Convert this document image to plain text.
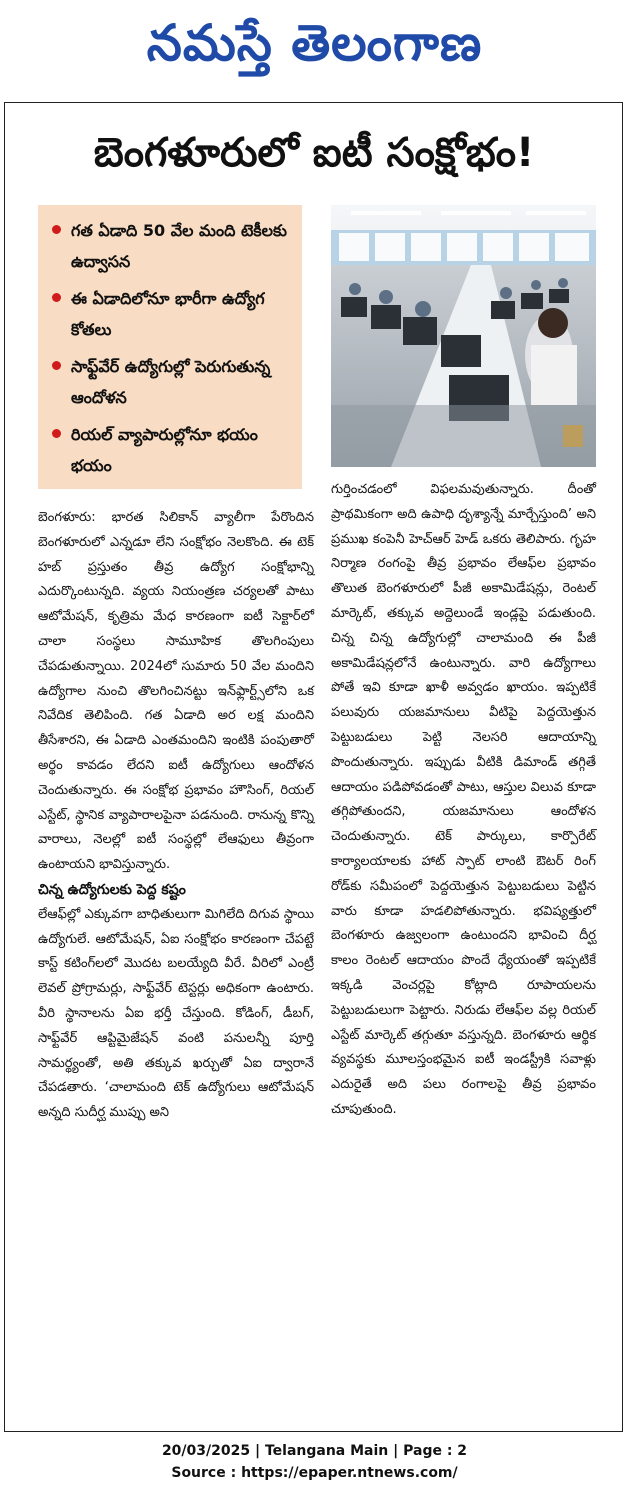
నమస్తే తెలంగాణ
బెంగళూరులో ఐటీ సంక్షోభం!
గత ఏడాది 50 వేల మంది టెకీలకు ఉద్వాసన
ఈ ఏడాదిలోనూ భారీగా ఉద్యోగ కోతలు
సాఫ్ట్‌వేర్ ఉద్యోగుల్లో పెరుగుతున్న ఆందోళన
రియల్ వ్యాపారుల్లోనూ భయం భయం

బెంగళూరు: భారత సిలికాన్ వ్యాలీగా పేరొందిన బెంగళూరులో ఎన్నడూ లేని సంక్షోభం నెలకొంది. ఈ టెక్ హబ్ ప్రస్తుతం తీవ్ర ఉద్యోగ సంక్షోభాన్ని ఎదుర్కొంటున్నది. వ్యయ నియంత్రణ చర్యలతో పాటు ఆటోమేషన్, కృత్రిమ మేధ కారణంగా ఐటీ సెక్టార్‌లో చాలా సంస్థలు సామూహిక తొలగింపులు చేపడుతున్నాయి. 2024లో సుమారు 50 వేల మందిని ఉద్యోగాల నుంచి తొలగించినట్టు ఇన్‌ఫ్లార్ట్స్‌లోని ఒక నివేదిక తెలిపింది. గత ఏడాది అర లక్ష మందిని తీసేశారని, ఈ ఏడాది ఎంతమందిని ఇంటికి పంపుతారో అర్థం కావడం లేదని ఐటీ ఉద్యోగులు ఆందోళన చెందుతున్నారు. ఈ సంక్షోభ ప్రభావం హౌసింగ్, రియల్ ఎస్టేట్, స్థానిక వ్యాపారాలపైనా పడనుంది. రానున్న కొన్ని వారాలు, నెలల్లో ఐటీ సంస్థల్లో లేఆఫులు తీవ్రంగా ఉంటాయని భావిస్తున్నారు.

చిన్న ఉద్యోగులకు పెద్ద కష్టం

లేఆఫ్‌ల్లో ఎక్కువగా బాధితులుగా మిగిలేది దిగువ స్థాయి ఉద్యోగులే. ఆటోమేషన్, ఏఐ సంక్షోభం కారణంగా చేపట్టే కాస్ట్ కటింగ్‌లలో మొదట బలయ్యేది వీరే. వీరిలో ఎంట్రీ లెవల్ ప్రోగ్రామర్లు, సాఫ్ట్‌వేర్ టెస్టర్లు అధికంగా ఉంటారు. వీరి స్థానాలను ఏఐ భర్తీ చేస్తుంది. కోడింగ్, డీబగ్, సాఫ్ట్‌వేర్ ఆప్టిమైజేషన్ వంటి పనులన్నీ పూర్తి సామర్థ్యంతో, అతి తక్కువ ఖర్చుతో ఏఐ ద్వారానే చేపడతారు. ‘చాలామంది టెక్ ఉద్యోగులు ఆటోమేషన్ అన్నది సుదీర్ఘ ముప్పు అని

గుర్తించడంలో విఫలమవుతున్నారు. దీంతో ప్రాథమికంగా అది ఉపాధి దృశ్యాన్నే మార్చేస్తుంది’ అని ప్రముఖ కంపెనీ హెచ్‌ఆర్ హెడ్ ఒకరు తెలిపారు. గృహ నిర్మాణ రంగంపై తీవ్ర ప్రభావం లేఆఫ్‌ల ప్రభావం తొలుత బెంగళూరులో పీజీ అకామిడేషన్లు, రెంటల్ మార్కెట్, తక్కువ అద్దెలుండే ఇండ్లపై పడుతుంది. చిన్న చిన్న ఉద్యోగుల్లో చాలామంది ఈ పీజీ అకామిడేషన్లలోనే ఉంటున్నారు. వారి ఉద్యోగాలు పోతే ఇవి కూడా ఖాళీ అవ్వడం ఖాయం. ఇప్పటికే పలువురు యజమానులు వీటిపై పెద్దయెత్తున పెట్టుబడులు పెట్టి నెలసరి ఆదాయాన్ని పొందుతున్నారు. ఇప్పుడు వీటికి డిమాండ్ తగ్గితే ఆదాయం పడిపోవడంతో పాటు, ఆస్తుల విలువ కూడా తగ్గిపోతుందని, యజమానులు ఆందోళన చెందుతున్నారు. టెక్ పార్కులు, కార్పొరేట్ కార్యాలయాలకు హాట్ స్పాట్ లాంటి ఔటర్ రింగ్ రోడ్‌కు సమీపంలో పెద్దయెత్తున పెట్టుబడులు పెట్టిన వారు కూడా హడలిపోతున్నారు. భవిష్యత్తులో బెంగళూరు ఉజ్వలంగా ఉంటుందని భావించి దీర్ఘ కాలం రెంటల్ ఆదాయం పొందే ధ్యేయంతో ఇప్పటికే ఇక్కడి వెంచర్లపై కోట్లాది రూపాయలను పెట్టుబడులుగా పెట్టారు. నిరుడు లేఆఫ్‌ల వల్ల రియల్ ఎస్టేట్ మార్కెట్ తగ్గుతూ వస్తున్నది. బెంగళూరు ఆర్థిక వ్యవస్థకు మూలస్తంభమైన ఐటీ ఇండస్ట్రీకి సవాళ్లు ఎదురైతే అది పలు రంగాలపై తీవ్ర ప్రభావం చూపుతుంది.

20/03/2025 | Telangana Main | Page : 2
Source : https://epaper.ntnews.com/
